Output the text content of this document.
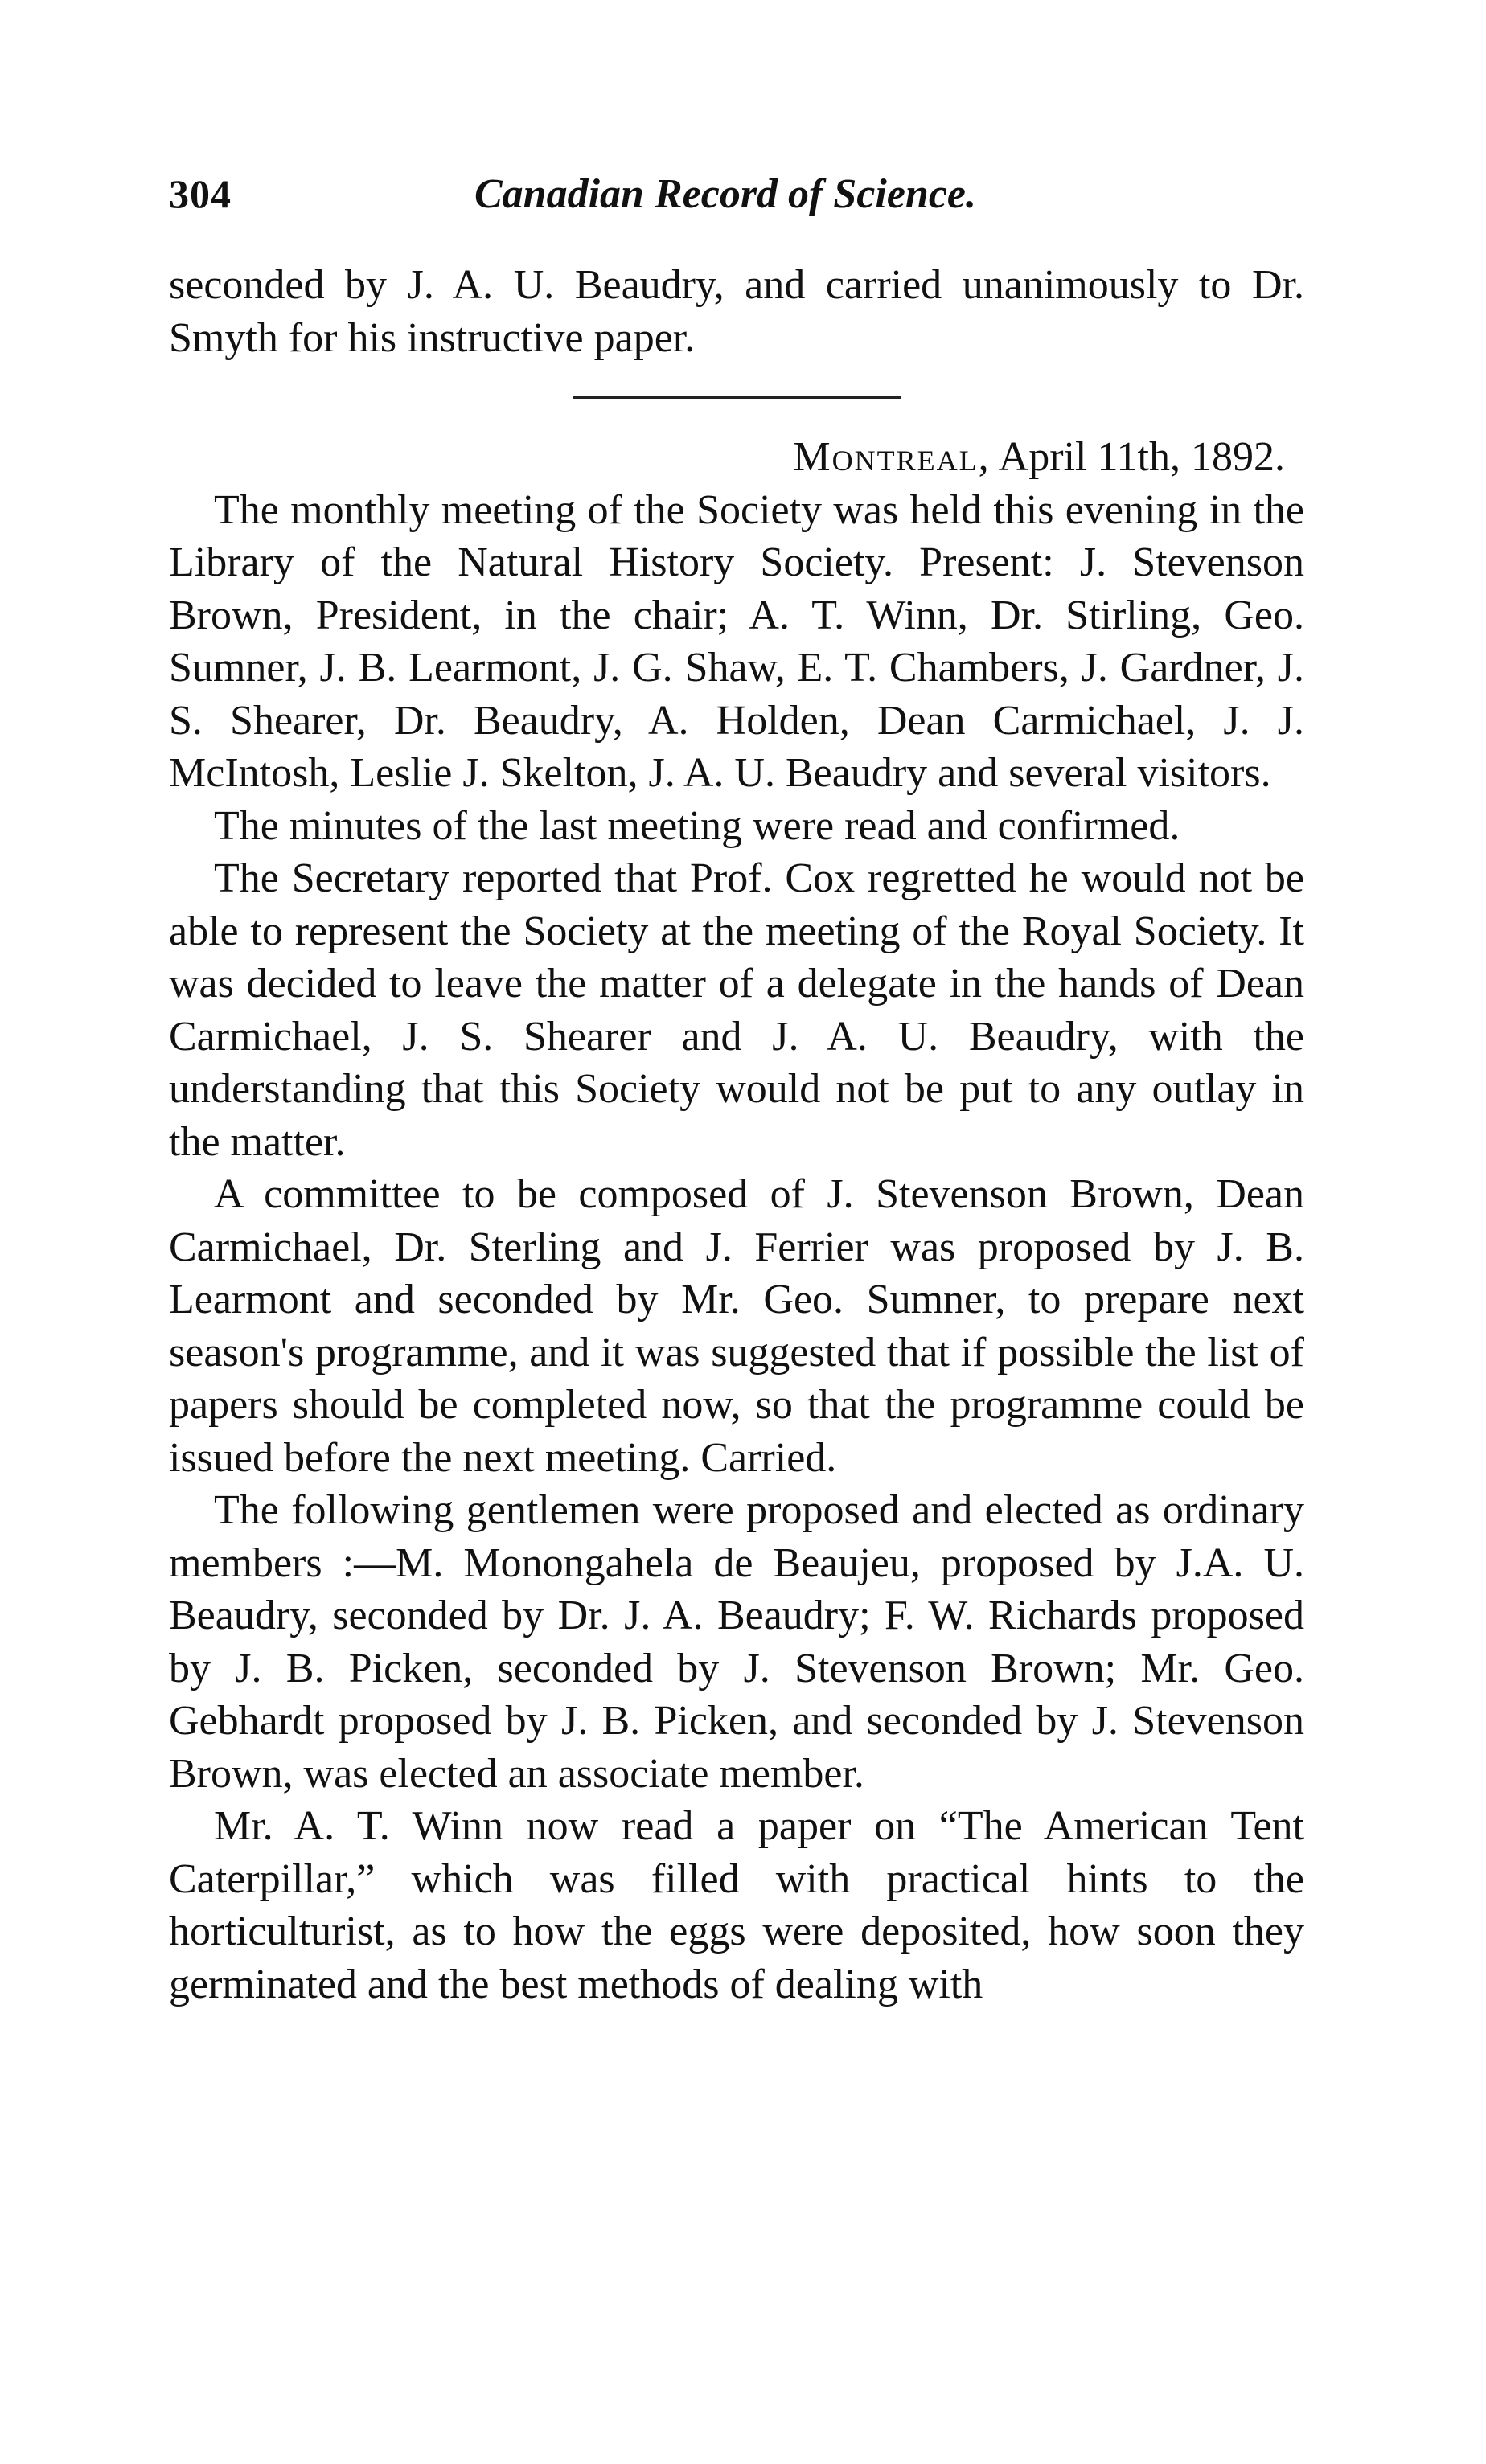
304	Canadian Record of Science.

seconded by J. A. U. Beaudry, and carried unanimously to Dr. Smyth for his instructive paper.

Montreal, April 11th, 1892.

The monthly meeting of the Society was held this evening in the Library of the Natural History Society. Present: J. Stevenson Brown, President, in the chair; A. T. Winn, Dr. Stirling, Geo. Sumner, J. B. Learmont, J. G. Shaw, E. T. Chambers, J. Gardner, J. S. Shearer, Dr. Beaudry, A. Holden, Dean Carmichael, J. J. McIntosh, Leslie J. Skelton, J. A. U. Beaudry and several visitors.

The minutes of the last meeting were read and confirmed.

The Secretary reported that Prof. Cox regretted he would not be able to represent the Society at the meeting of the Royal Society. It was decided to leave the matter of a delegate in the hands of Dean Carmichael, J. S. Shearer and J. A. U. Beaudry, with the understanding that this Society would not be put to any outlay in the matter.

A committee to be composed of J. Stevenson Brown, Dean Carmichael, Dr. Sterling and J. Ferrier was proposed by J. B. Learmont and seconded by Mr. Geo. Sumner, to prepare next season's programme, and it was suggested that if possible the list of papers should be completed now, so that the programme could be issued before the next meeting. Carried.

The following gentlemen were proposed and elected as ordinary members :—M. Monongahela de Beaujeu, proposed by J.A. U. Beaudry, seconded by Dr. J. A. Beaudry; F. W. Richards proposed by J. B. Picken, seconded by J. Stevenson Brown; Mr. Geo. Gebhardt proposed by J. B. Picken, and seconded by J. Stevenson Brown, was elected an associate member.

Mr. A. T. Winn now read a paper on “The American Tent Caterpillar,” which was filled with practical hints to the horticulturist, as to how the eggs were deposited, how soon they germinated and the best methods of dealing with
